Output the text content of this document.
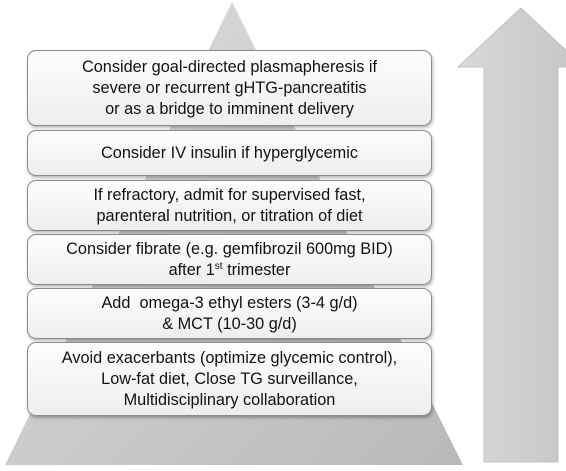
Consider goal-directed plasmapheresis if
severe or recurrent gHTG-pancreatitis
or as a bridge to imminent delivery
Consider IV insulin if hyperglycemic
If refractory, admit for supervised fast,
parenteral nutrition, or titration of diet
Consider fibrate (e.g. gemfibrozil 600mg BID)
after 1st trimester
Add  omega-3 ethyl esters (3-4 g/d)
& MCT (10-30 g/d)
Avoid exacerbants (optimize glycemic control),
Low-fat diet, Close TG surveillance,
Multidisciplinary collaboration
